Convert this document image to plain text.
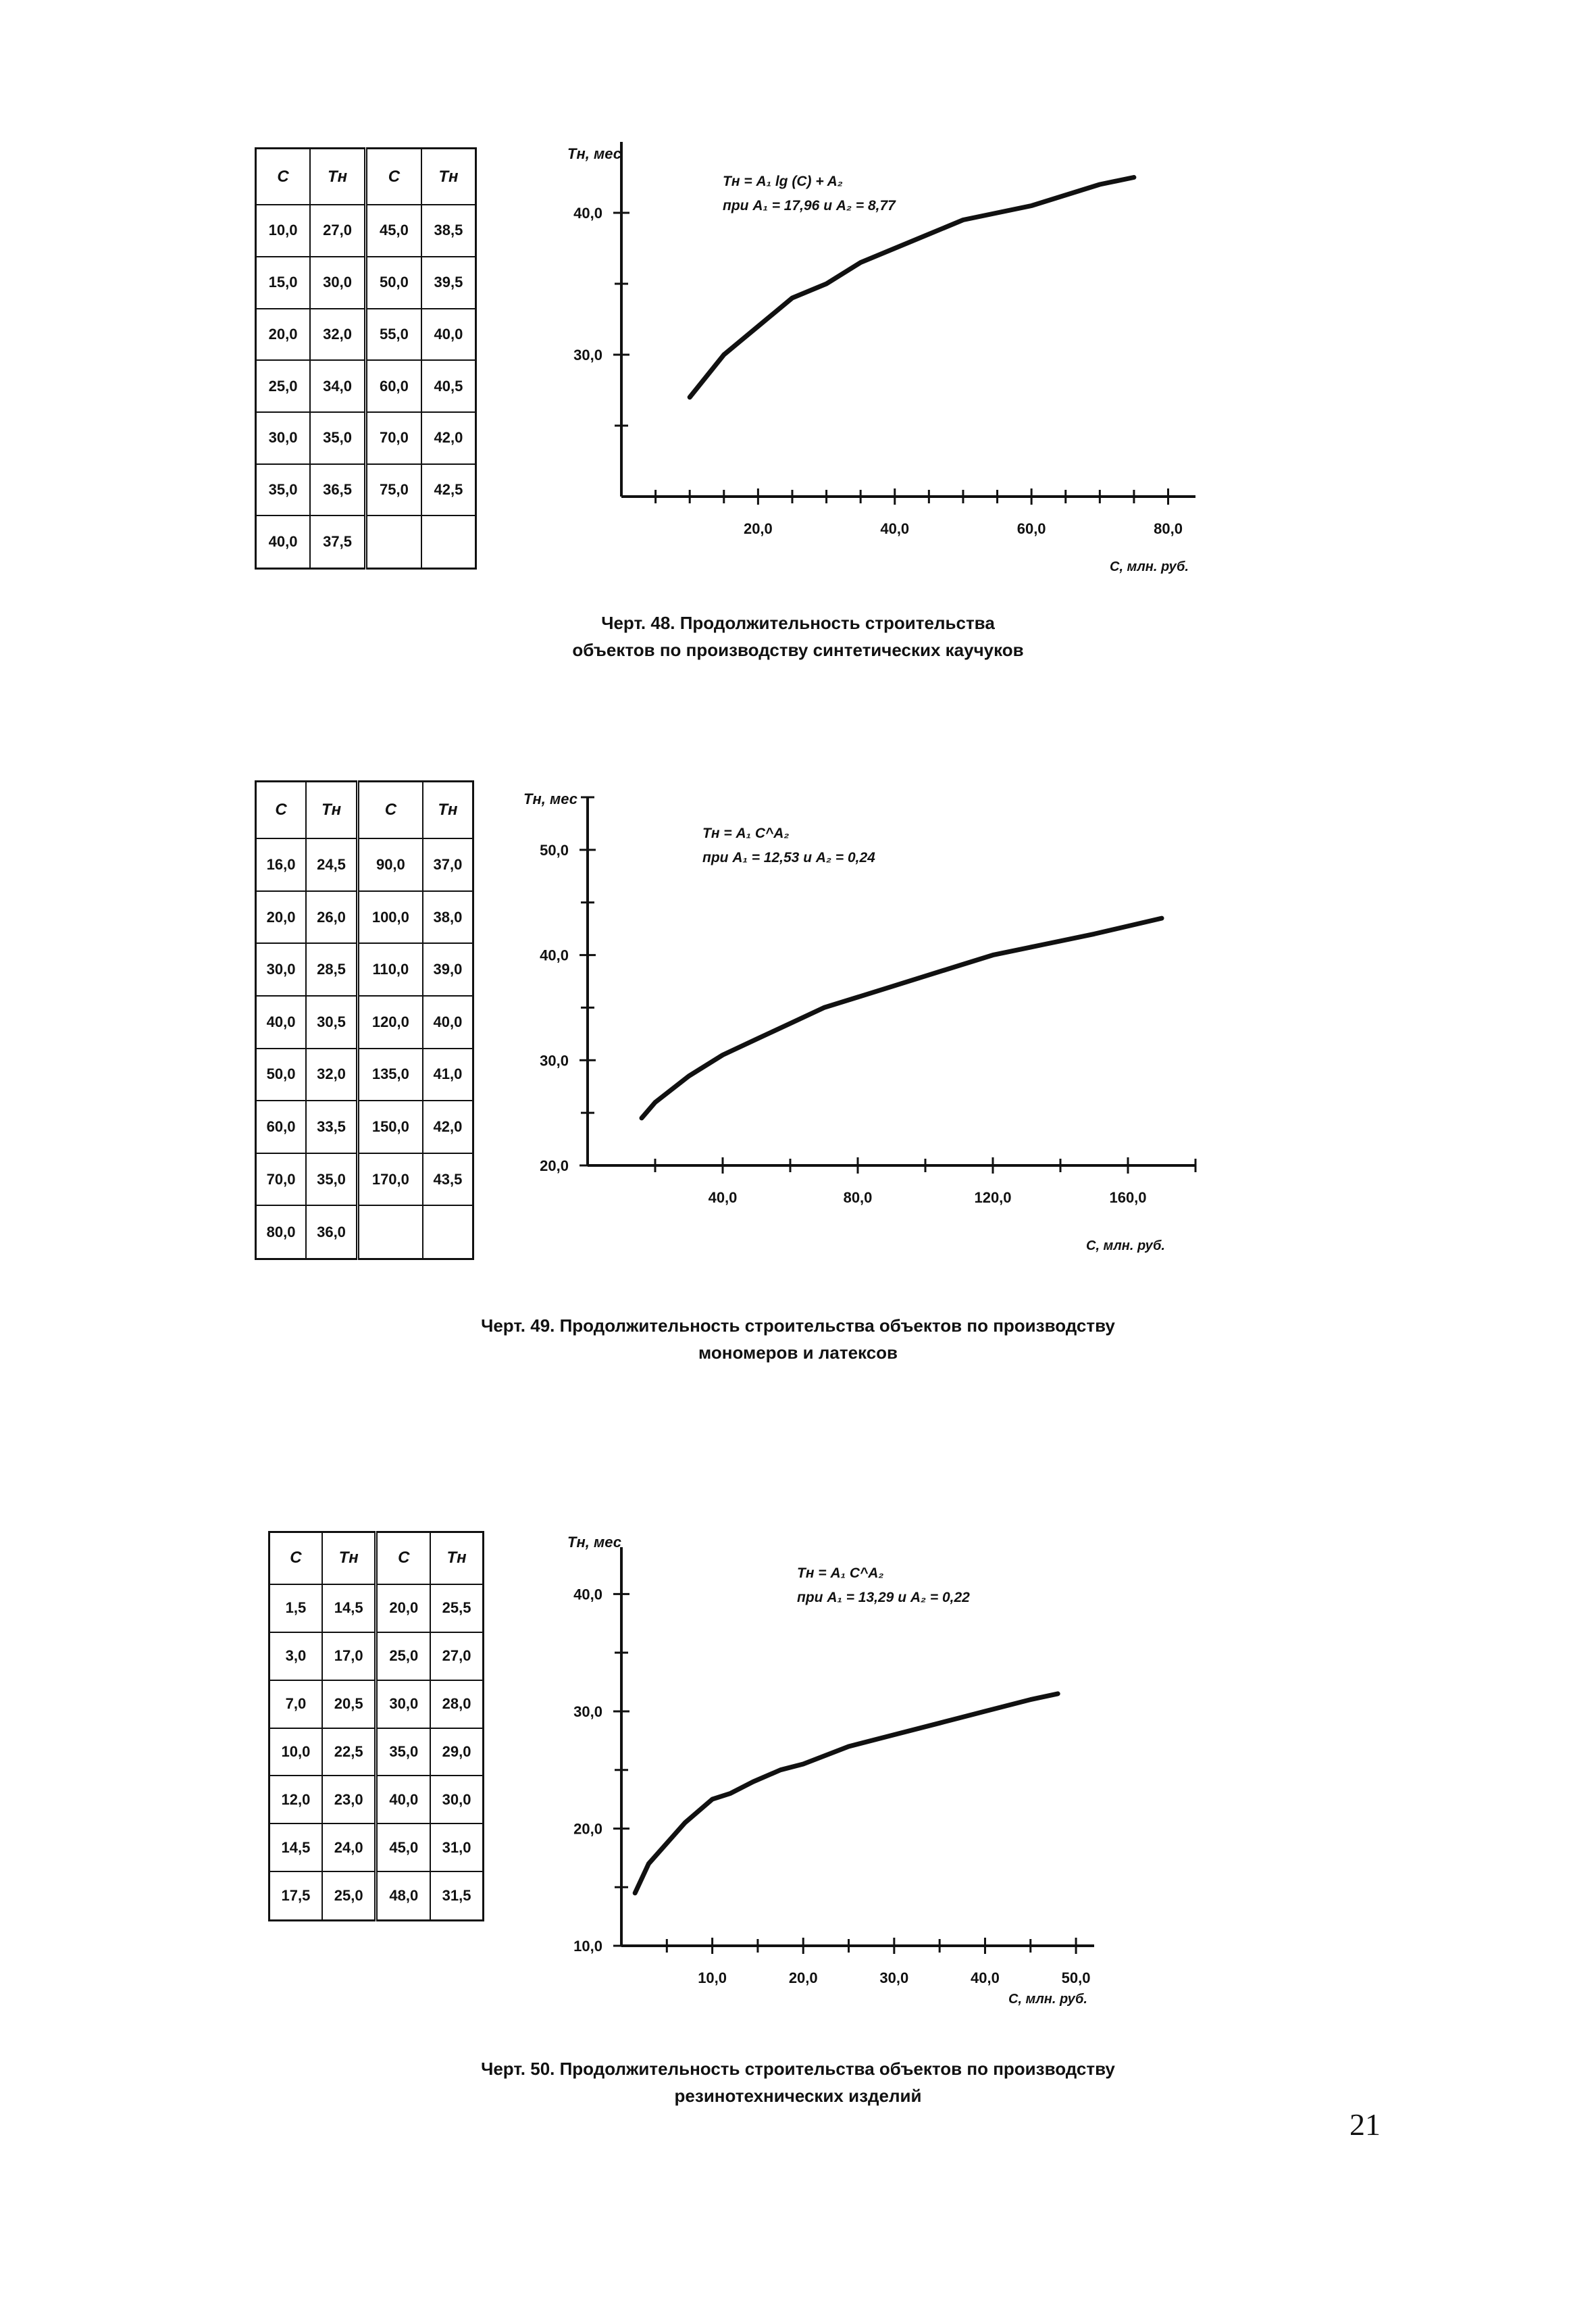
C	Tн	C	Tн
10,0	27,0	45,0	38,5
15,0	30,0	50,0	39,5
20,0	32,0	55,0	40,0
25,0	34,0	60,0	40,5
30,0	35,0	70,0	42,0
35,0	36,5	75,0	42,5
40,0	37,5		
20,0	40,0	60,0	80,0
30,0
40,0
Tн, мес
C, млн. руб.
Tн = A₁ lg (C) + A₂
при A₁ = 17,96 и A₂ = 8,77
Черт. 48. Продолжительность строительства
объектов по производству синтетических каучуков
C	Tн	C	Tн
16,0	24,5	90,0	37,0
20,0	26,0	100,0	38,0
30,0	28,5	110,0	39,0
40,0	30,5	120,0	40,0
50,0	32,0	135,0	41,0
60,0	33,5	150,0	42,0
70,0	35,0	170,0	43,5
80,0	36,0		
40,0	80,0	120,0	160,0
20,0
30,0
40,0
50,0
Tн, мес
C, млн. руб.
Tн = A₁ C^A₂
при A₁ = 12,53 и A₂ = 0,24
Черт. 49. Продолжительность строительства объектов по производству
мономеров и латексов
C	Tн	C	Tн
1,5	14,5	20,0	25,5
3,0	17,0	25,0	27,0
7,0	20,5	30,0	28,0
10,0	22,5	35,0	29,0
12,0	23,0	40,0	30,0
14,5	24,0	45,0	31,0
17,5	25,0	48,0	31,5
10,0	20,0	30,0	40,0	50,0
10,0
20,0
30,0
40,0
Tн, мес
C, млн. руб.
Tн = A₁ C^A₂
при A₁ = 13,29 и A₂ = 0,22
Черт. 50. Продолжительность строительства объектов по производству
резинотехнических изделий
21
